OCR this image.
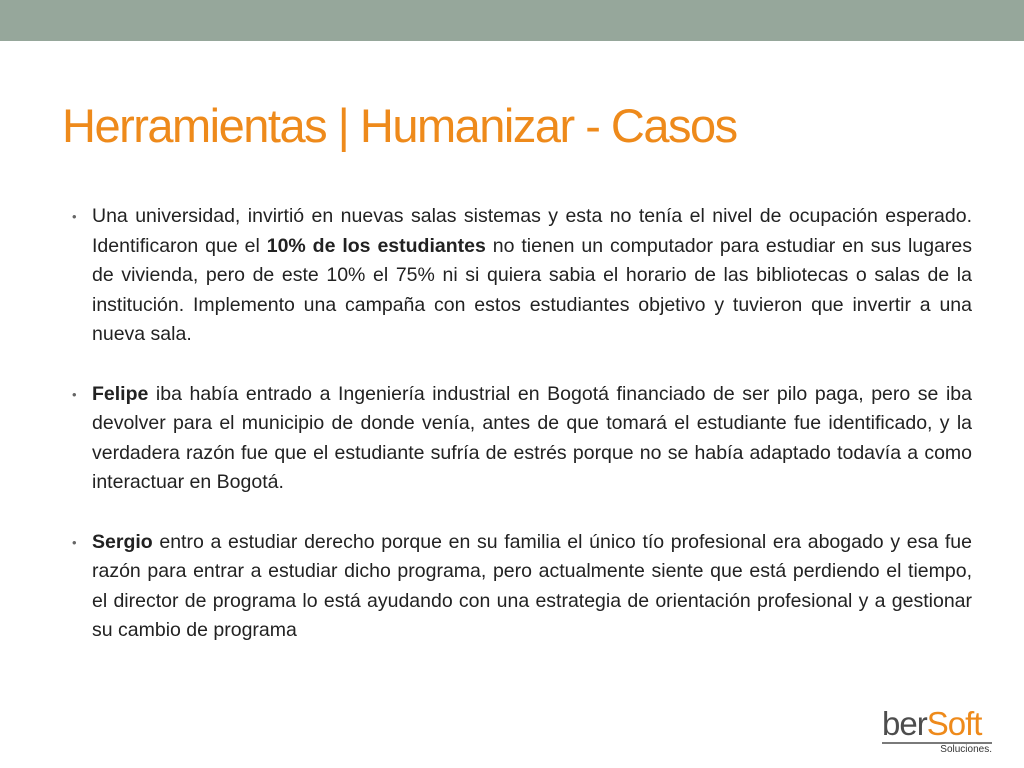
Herramientas | Humanizar - Casos
• Una universidad, invirtió en nuevas salas sistemas y esta no tenía el nivel de ocupación esperado. Identificaron que el 10% de los estudiantes no tienen un computador para estudiar en sus lugares de vivienda, pero de este 10% el 75% ni si quiera sabia el horario de las bibliotecas o salas de la institución. Implemento una campaña con estos estudiantes objetivo y tuvieron que invertir a una nueva sala.
• Felipe iba había entrado a Ingeniería industrial en Bogotá financiado de ser pilo paga, pero se iba devolver para el municipio de donde venía, antes de que tomará el estudiante fue identificado, y la verdadera razón fue que el estudiante sufría de estrés porque no se había adaptado todavía a como interactuar en Bogotá.
• Sergio entro a estudiar derecho porque en su familia el único tío profesional era abogado y esa fue razón para entrar a estudiar dicho programa, pero actualmente siente que está perdiendo el tiempo, el director de programa lo está ayudando con una estrategia de orientación profesional y a gestionar su cambio de programa
berSoft
Soluciones.
